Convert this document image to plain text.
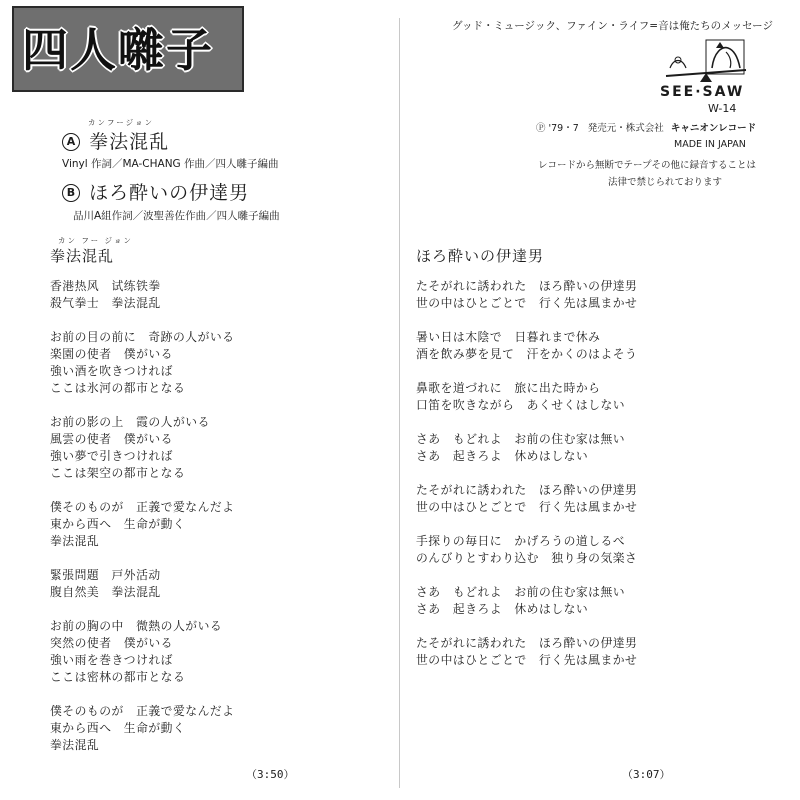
四人囃子	グッド・ミュージック、ファイン・ライフ=音は俺たちのメッセージ
SEE·SAW
W-14
Ⓟ '79・7 発売元・株式会社 キャニオンレコード
MADE IN JAPAN
レコードから無断でテープその他に録音することは
法律で禁じられております
カンフージョン
A 拳法混乱
Vinyl 作詞／MA-CHANG 作曲／四人囃子編曲
B ほろ酔いの伊達男
品川A組作詞／波聖善佐作曲／四人囃子編曲
カン フー ジョン
拳法混乱
香港热风　试练铁拳
殺气拳士　拳法混乱
お前の目の前に　奇跡の人がいる
楽園の使者　僕がいる
強い酒を吹きつければ
ここは氷河の都市となる
お前の影の上　霞の人がいる
風雲の使者　僕がいる
強い夢で引きつければ
ここは架空の都市となる
僕そのものが　正義で愛なんだよ
東から西へ　生命が動く
拳法混乱
緊張問題　戸外活动
腹自然美　拳法混乱
お前の胸の中　微熱の人がいる
突然の使者　僕がいる
強い雨を巻きつければ
ここは密林の都市となる
僕そのものが　正義で愛なんだよ
東から西へ　生命が動く
拳法混乱
（3:50）
ほろ酔いの伊達男
たそがれに誘われた　ほろ酔いの伊達男
世の中はひとごとで　行く先は風まかせ
暑い日は木陰で　日暮れまで休み
酒を飲み夢を見て　汗をかくのはよそう
鼻歌を道づれに　旅に出た時から
口笛を吹きながら　あくせくはしない
さあ　もどれよ　お前の住む家は無い
さあ　起きろよ　休めはしない
たそがれに誘われた　ほろ酔いの伊達男
世の中はひとごとで　行く先は風まかせ
手探りの毎日に　かげろうの道しるべ
のんびりとすわり込む　独り身の気楽さ
さあ　もどれよ　お前の住む家は無い
さあ　起きろよ　休めはしない
たそがれに誘われた　ほろ酔いの伊達男
世の中はひとごとで　行く先は風まかせ
（3:07）
